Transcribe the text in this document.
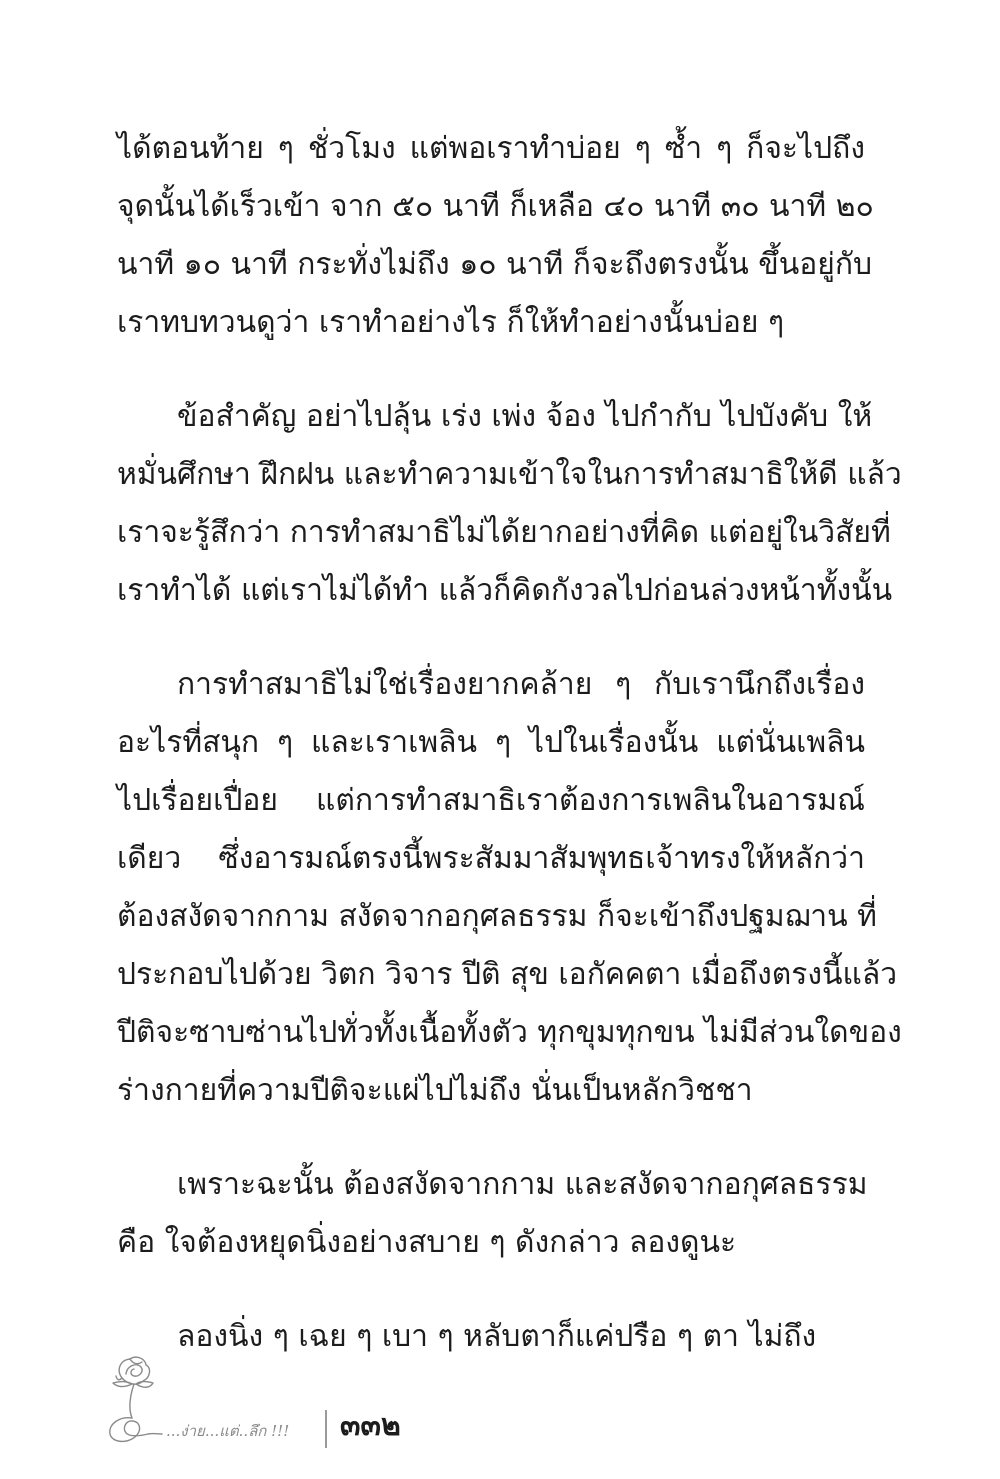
ได้ตอนท้าย ๆ ชั่วโมง แต่พอเราทำบ่อย ๆ ซ้ำ ๆ ก็จะไปถึง
จุดนั้นได้เร็วเข้า จาก ๕๐ นาที ก็เหลือ ๔๐ นาที ๓๐ นาที ๒๐
นาที ๑๐ นาที กระทั่งไม่ถึง ๑๐ นาที ก็จะถึงตรงนั้น ขึ้นอยู่กับ
เราทบทวนดูว่า เราทำอย่างไร ก็ให้ทำอย่างนั้นบ่อย ๆ
ข้อสำคัญ อย่าไปลุ้น เร่ง เพ่ง จ้อง ไปกำกับ ไปบังคับ ให้
หมั่นศึกษา ฝึกฝน และทำความเข้าใจในการทำสมาธิให้ดี แล้ว
เราจะรู้สึกว่า การทำสมาธิไม่ได้ยากอย่างที่คิด แต่อยู่ในวิสัยที่
เราทำได้ แต่เราไม่ได้ทำ แล้วก็คิดกังวลไปก่อนล่วงหน้าทั้งนั้น
การทำสมาธิไม่ใช่เรื่องยากคล้าย ๆ กับเรานึกถึงเรื่อง
อะไรที่สนุก ๆ และเราเพลิน ๆ ไปในเรื่องนั้น แต่นั่นเพลิน
ไปเรื่อยเปื่อย แต่การทำสมาธิเราต้องการเพลินในอารมณ์
เดียว ซึ่งอารมณ์ตรงนี้พระสัมมาสัมพุทธเจ้าทรงให้หลักว่า
ต้องสงัดจากกาม สงัดจากอกุศลธรรม ก็จะเข้าถึงปฐมฌาน ที่
ประกอบไปด้วย วิตก วิจาร ปีติ สุข เอกัคคตา เมื่อถึงตรงนี้แล้ว
ปีติจะซาบซ่านไปทั่วทั้งเนื้อทั้งตัว ทุกขุมทุกขน ไม่มีส่วนใดของ
ร่างกายที่ความปีติจะแผ่ไปไม่ถึง นั่นเป็นหลักวิชชา
เพราะฉะนั้น ต้องสงัดจากกาม และสงัดจากอกุศลธรรม
คือ ใจต้องหยุดนิ่งอย่างสบาย ๆ ดังกล่าว ลองดูนะ
ลองนิ่ง ๆ เฉย ๆ เบา ๆ หลับตาก็แค่ปรือ ๆ ตา ไม่ถึง
...ง่าย...แต่..ลึก !!! ๓๓๒
